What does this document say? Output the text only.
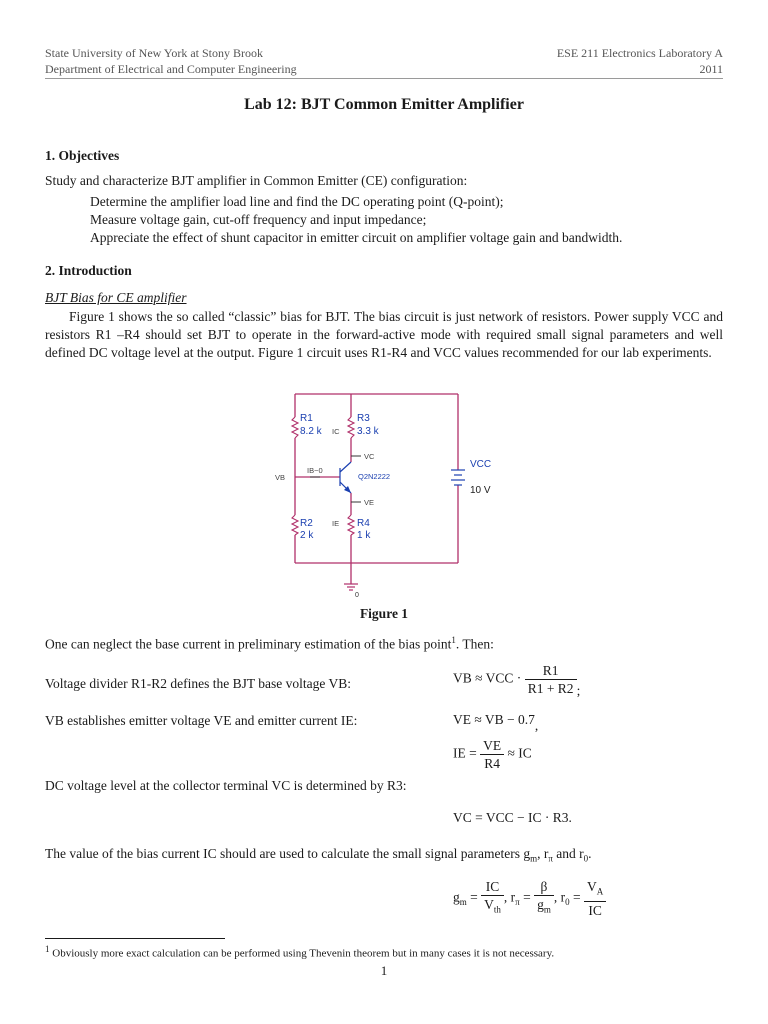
State University of New York at Stony Brook
Department of Electrical and Computer Engineering
ESE 211 Electronics Laboratory A
2011
Lab 12: BJT Common Emitter Amplifier
1. Objectives
Study and characterize BJT amplifier in Common Emitter (CE) configuration:
Determine the amplifier load line and find the DC operating point (Q-point);
Measure voltage gain, cut-off frequency and input impedance;
Appreciate the effect of shunt capacitor in emitter circuit on amplifier voltage gain and bandwidth.
2. Introduction
BJT Bias for CE amplifier
Figure 1 shows the so called “classic” bias for BJT. The bias circuit is just network of resistors. Power supply VCC and resistors R1 –R4 should set BJT to operate in the forward-active mode with required small signal parameters and well defined DC voltage level at the output. Figure 1 circuit uses R1-R4 and VCC values recommended for our lab experiments.
R1
8.2 k
R3
3.3 k
R2
2 k
R4
1 k
VCC
10 V
IC
IB~0
IE
VC
VE
VB	Q2N2222
0
Figure 1
One can neglect the base current in preliminary estimation of the bias point$^1$. Then:
Voltage divider R1-R2 defines the BJT base voltage VB:	VB ≈ VCC · $\frac{R1}{R1 + R2}$ ;
VB establishes emitter voltage VE and emitter current IE:	VE ≈ VB − 0.7,
IE = $\frac{VE}{R4}$ ≈ IC
DC voltage level at the collector terminal VC is determined by R3:
VC = VCC − IC · R3.
The value of the bias current IC should are used to calculate the small signal parameters $g_m$, $r_\pi$ and $r_0$.
$g_m = \frac{IC}{V_{th}}$ , $r_\pi = \frac{\beta}{g_m}$ , $r_0 = \frac{V_A}{IC}$
$^1$ Obviously more exact calculation can be performed using Thevenin theorem but in many cases it is not necessary.
1
